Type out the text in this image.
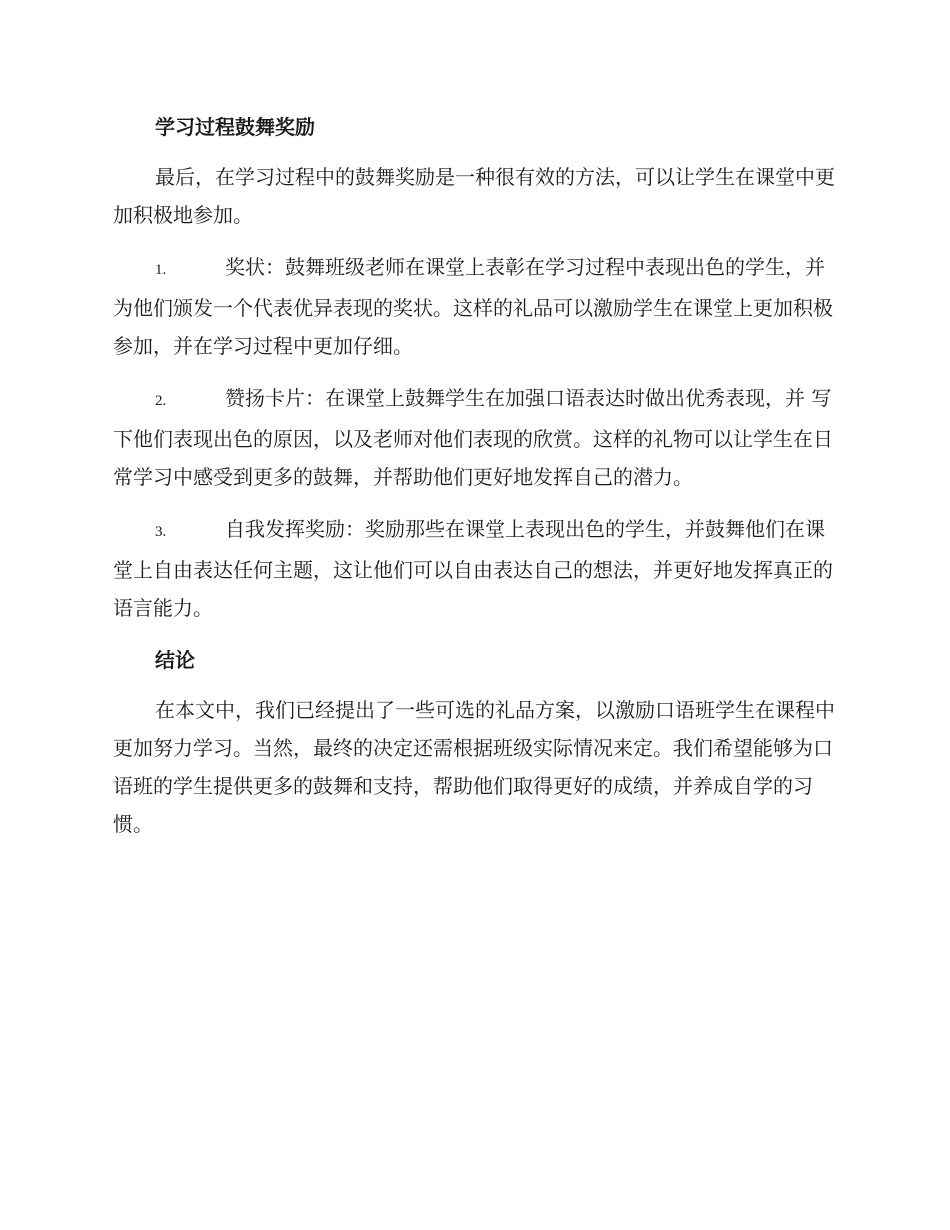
学习过程鼓舞奖励

最后，在学习过程中的鼓舞奖励是一种很有效的方法，可以让学生在课堂中更加积极地参加。

1.	奖状：鼓舞班级老师在课堂上表彰在学习过程中表现出色的学生，并为他们颁发一个代表优异表现的奖状。这样的礼品可以激励学生在课堂上更加积极参加，并在学习过程中更加仔细。

2.	赞扬卡片：在课堂上鼓舞学生在加强口语表达时做出优秀表现，并 写下他们表现出色的原因，以及老师对他们表现的欣赏。这样的礼物可以让学生在日常学习中感受到更多的鼓舞，并帮助他们更好地发挥自己的潜力。

3.	自我发挥奖励：奖励那些在课堂上表现出色的学生，并鼓舞他们在课堂上自由表达任何主题，这让他们可以自由表达自己的想法，并更好地发挥真正的语言能力。

结论

在本文中，我们已经提出了一些可选的礼品方案，以激励口语班学生在课程中更加努力学习。当然，最终的决定还需根据班级实际情况来定。我们希望能够为口语班的学生提供更多的鼓舞和支持，帮助他们取得更好的成绩，并养成自学的习惯。
